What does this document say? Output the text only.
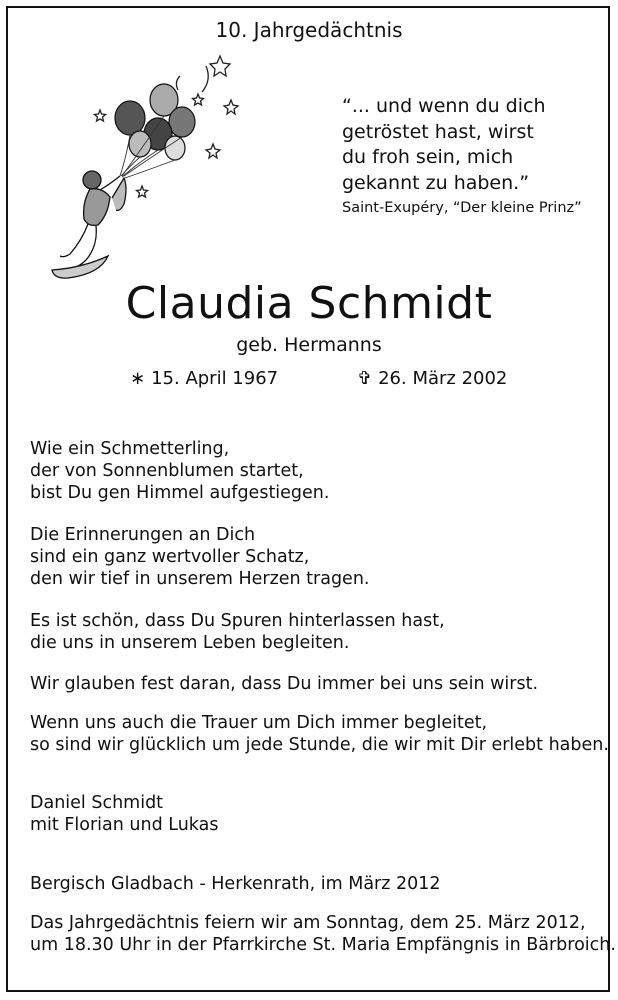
10. Jahrgedächtnis

“... und wenn du dich

getröstet hast, wirst

du froh sein, mich

gekannt zu haben.”

Saint-Exupéry, “Der kleine Prinz”
Claudia Schmidt
geb. Hermanns
∗ 15. April 1967	✞ 26. März 2002

Wie ein Schmetterling,

der von Sonnenblumen startet,

bist Du gen Himmel aufgestiegen.

Die Erinnerungen an Dich

sind ein ganz wertvoller Schatz,

den wir tief in unserem Herzen tragen.

Es ist schön, dass Du Spuren hinterlassen hast,

die uns in unserem Leben begleiten.

Wir glauben fest daran, dass Du immer bei uns sein wirst.

Wenn uns auch die Trauer um Dich immer begleitet,

so sind wir glücklich um jede Stunde, die wir mit Dir erlebt haben.

Daniel Schmidt

mit Florian und Lukas

Bergisch Gladbach - Herkenrath, im März 2012

Das Jahrgedächtnis feiern wir am Sonntag, dem 25. März 2012,

um 18.30 Uhr in der Pfarrkirche St. Maria Empfängnis in Bärbroich.
